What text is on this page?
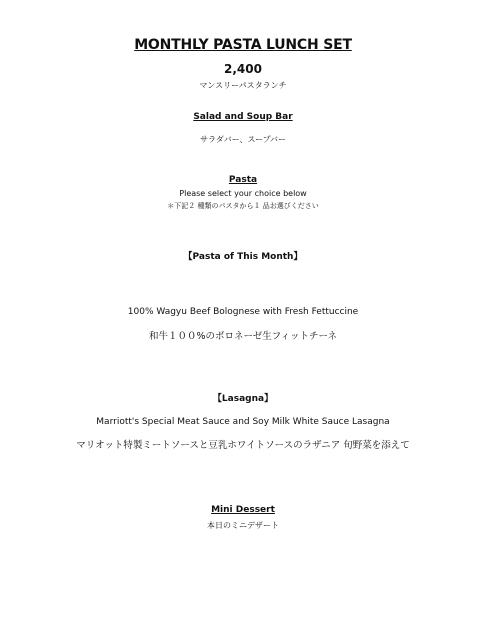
MONTHLY PASTA LUNCH SET
2,400
マンスリーパスタランチ
Salad and Soup Bar
サラダバー、スープバー
Pasta
Please select your choice below
＊下記２ 種類のパスタから１ 品お選びください
【Pasta of This Month】
100% Wagyu Beef Bolognese with Fresh Fettuccine
和牛１００%のボロネーゼ生フィットチーネ
【Lasagna】
Marriott's Special Meat Sauce and Soy Milk White Sauce Lasagna
マリオット特製ミートソースと豆乳ホワイトソースのラザニア 旬野菜を添えて
Mini Dessert
本日のミニデザート
